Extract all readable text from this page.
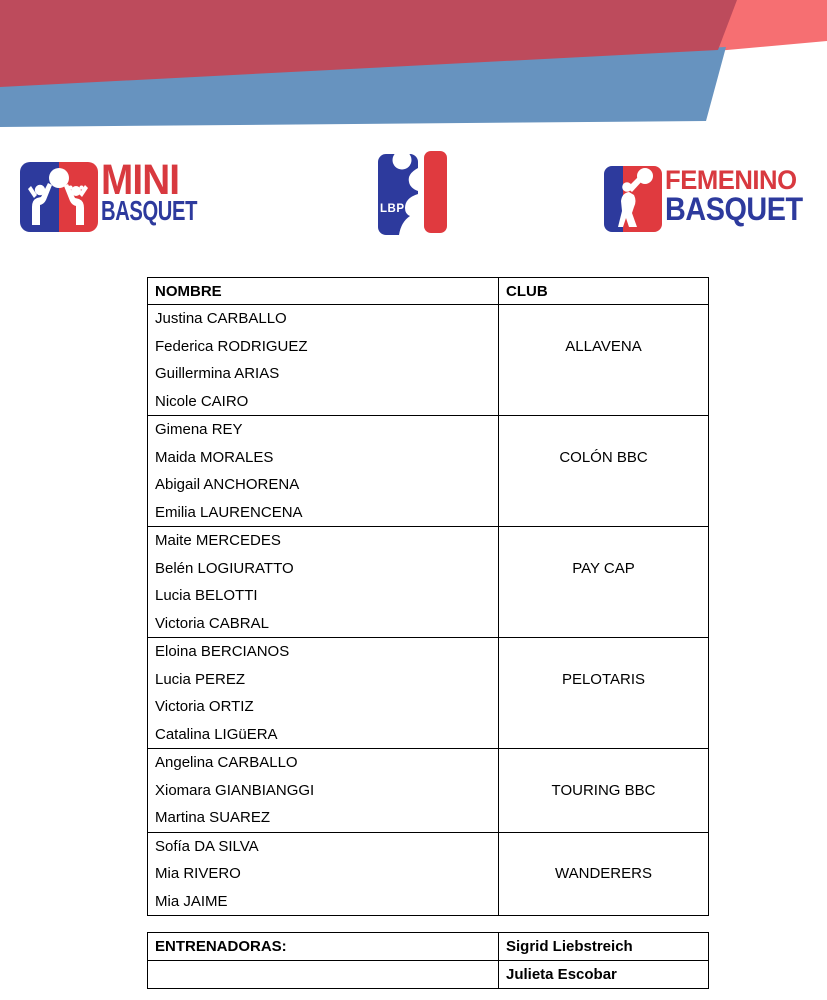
MINI
BASQUET	LBP
FEMENINO
BASQUET
NOMBRE	CLUB

Justina CARBALLO
Federica RODRIGUEZ
Guillermina ARIAS
Nicole CAIRO	ALLAVENA

Gimena REY
Maida MORALES
Abigail ANCHORENA
Emilia LAURENCENA	COLÓN BBC

Maite MERCEDES
Belén LOGIURATTO
Lucia BELOTTI
Victoria CABRAL	PAY CAP

Eloina BERCIANOS
Lucia PEREZ
Victoria ORTIZ
Catalina LIGüERA	PELOTARIS

Angelina CARBALLO
Xiomara GIANBIANGGI
Martina SUAREZ	TOURING BBC

Sofía DA SILVA
Mia RIVERO
Mia JAIME	WANDERERS
ENTRENADORAS:	Sigrid Liebstreich
	Julieta Escobar
